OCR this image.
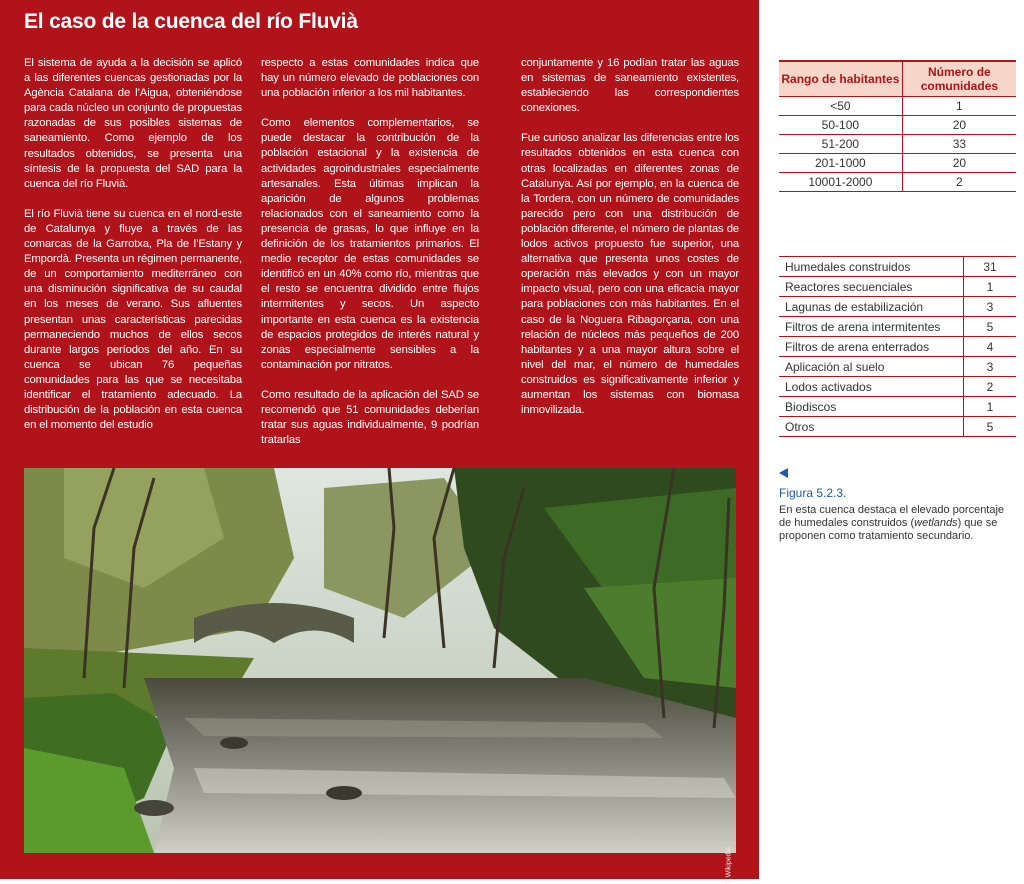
El caso de la cuenca del río Fluvià

El sistema de ayuda a la decisión se aplicó a las diferentes cuencas gestionadas por la Agència Catalana de l’Aigua, obteniéndose para cada núcleo un conjunto de propuestas razonadas de sus posibles sistemas de saneamiento. Como ejemplo de los resultados obtenidos, se presenta una síntesis de la propuesta del SAD para la cuenca del río Fluvià.

El río Fluvià tiene su cuenca en el nord-este de Catalunya y fluye a través de las comarcas de la Garrotxa, Pla de l’Estany y Empordà. Presenta un régimen permanente, de un comportamiento mediterráneo con una disminución significativa de su caudal en los meses de verano. Sus afluentes presentan unas características parecidas permaneciendo muchos de ellos secos durante largos períodos del año. En su cuenca se ubican 76 pequeñas comunidades para las que se necesitaba identificar el tratamiento adecuado. La distribución de la población en esta cuenca en el momento del estudio

respecto a estas comunidades indica que hay un número elevado de poblaciones con una población inferior a los mil habitantes.

Como elementos complementarios, se puede destacar la contribución de la población estacional y la existencia de actividades agroindustriales especialmente artesanales. Esta últimas implican la aparición de algunos problemas relacionados con el saneamiento como la presencia de grasas, lo que influye en la definición de los tratamientos primarios. El medio receptor de estas comunidades se identificó en un 40% como río, mientras que el resto se encuentra dividido entre flujos intermitentes y secos. Un aspecto importante en esta cuenca es la existencia de espacios protegidos de interés natural y zonas especialmente sensibles a la contaminación por nitratos.

Como resultado de la aplicación del SAD se recomendó que 51 comunidades deberían tratar sus aguas individualmente, 9 podrían tratarlas

conjuntamente y 16 podían tratar las aguas en sistemas de saneamiento existentes, estableciendo las correspondientes conexiones.

Fue curioso analizar las diferencias entre los resultados obtenidos en esta cuenca con otras localizadas en diferentes zonas de Catalunya. Así por ejemplo, en la cuenca de la Tordera, con un número de comunidades parecido pero con una distribución de población diferente, el número de plantas de lodos activos propuesto fue superior, una alternativa que presenta unos costes de operación más elevados y con un mayor impacto visual, pero con una eficacia mayor para poblaciones con más habitantes. En el caso de la Noguera Ribagorçana, con una relación de núcleos más pequeños de 200 habitantes y a una mayor altura sobre el nivel del mar, el número de humedales construidos es significativamente inferior y aumentan los sistemas con biomasa inmovilizada.

© Wikipedia
Rango de habitantes	Número de comunidades
<50	1
50-100	20
51-200	33
201-1000	20
10001-2000	2
Humedales construidos	31
Reactores secuenciales	1
Lagunas de estabilización	3
Filtros de arena intermitentes	5
Filtros de arena enterrados	4
Aplicación al suelo	3
Lodos activados	2
Biodiscos	1
Otros	5

Figura 5.2.3.

En esta cuenca destaca el elevado porcentaje de humedales construidos (wetlands) que se proponen como tratamiento secundario.
